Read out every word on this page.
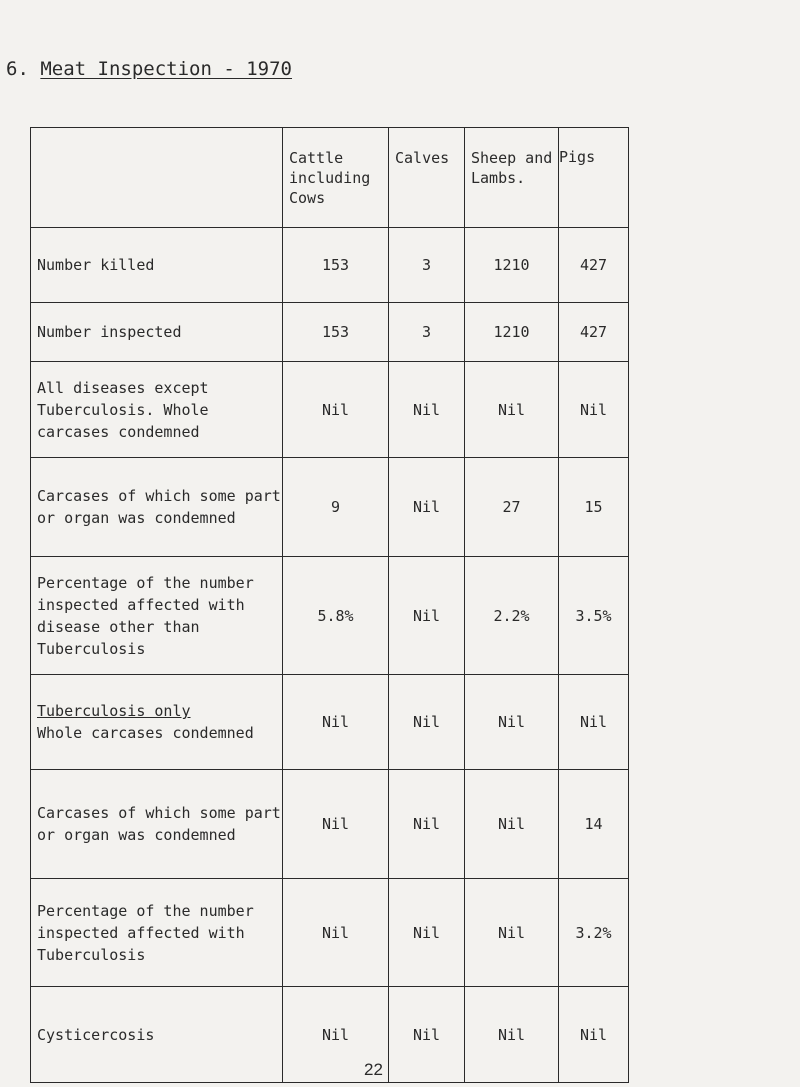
6. Meat Inspection - 1970

	Cattle including Cows	Calves	Sheep and Lambs.	Pigs
Number killed	153	3	1210	427
Number inspected	153	3	1210	427
All diseases except Tuberculosis. Whole carcases condemned	Nil	Nil	Nil	Nil
Carcases of which some part or organ was condemned	9	Nil	27	15
Percentage of the number inspected affected with disease other than Tuberculosis	5.8%	Nil	2.2%	3.5%

Tuberculosis only
Whole carcases condemned	Nil	Nil	Nil	Nil
Carcases of which some part or organ was condemned	Nil	Nil	Nil	14
Percentage of the number inspected affected with Tuberculosis	Nil	Nil	Nil	3.2%
Cysticercosis	Nil	Nil	Nil	Nil
22
